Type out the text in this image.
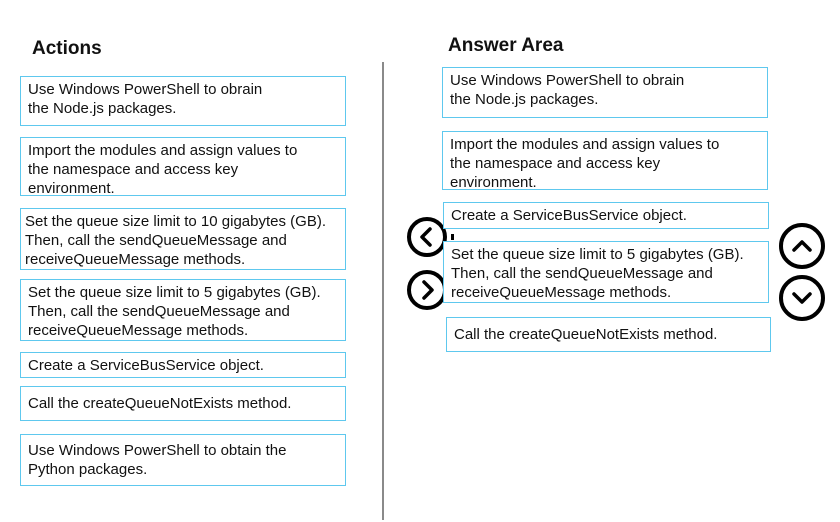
Actions	Answer Area
Use Windows PowerShell to obrain
the Node.js packages.
Import the modules and assign values to
the namespace and access key
environment.
Set the queue size limit to 10 gigabytes (GB).
Then, call the sendQueueMessage and
receiveQueueMessage methods.
Set the queue size limit to 5 gigabytes (GB).
Then, call the sendQueueMessage and
receiveQueueMessage methods.
Create a ServiceBusService object.
Call the createQueueNotExists method.
Use Windows PowerShell to obtain the
Python packages.
Use Windows PowerShell to obrain
the Node.js packages.
Import the modules and assign values to
the namespace and access key
environment.
Create a ServiceBusService object.
Set the queue size limit to 5 gigabytes (GB).
Then, call the sendQueueMessage and
receiveQueueMessage methods.
Call the createQueueNotExists method.
